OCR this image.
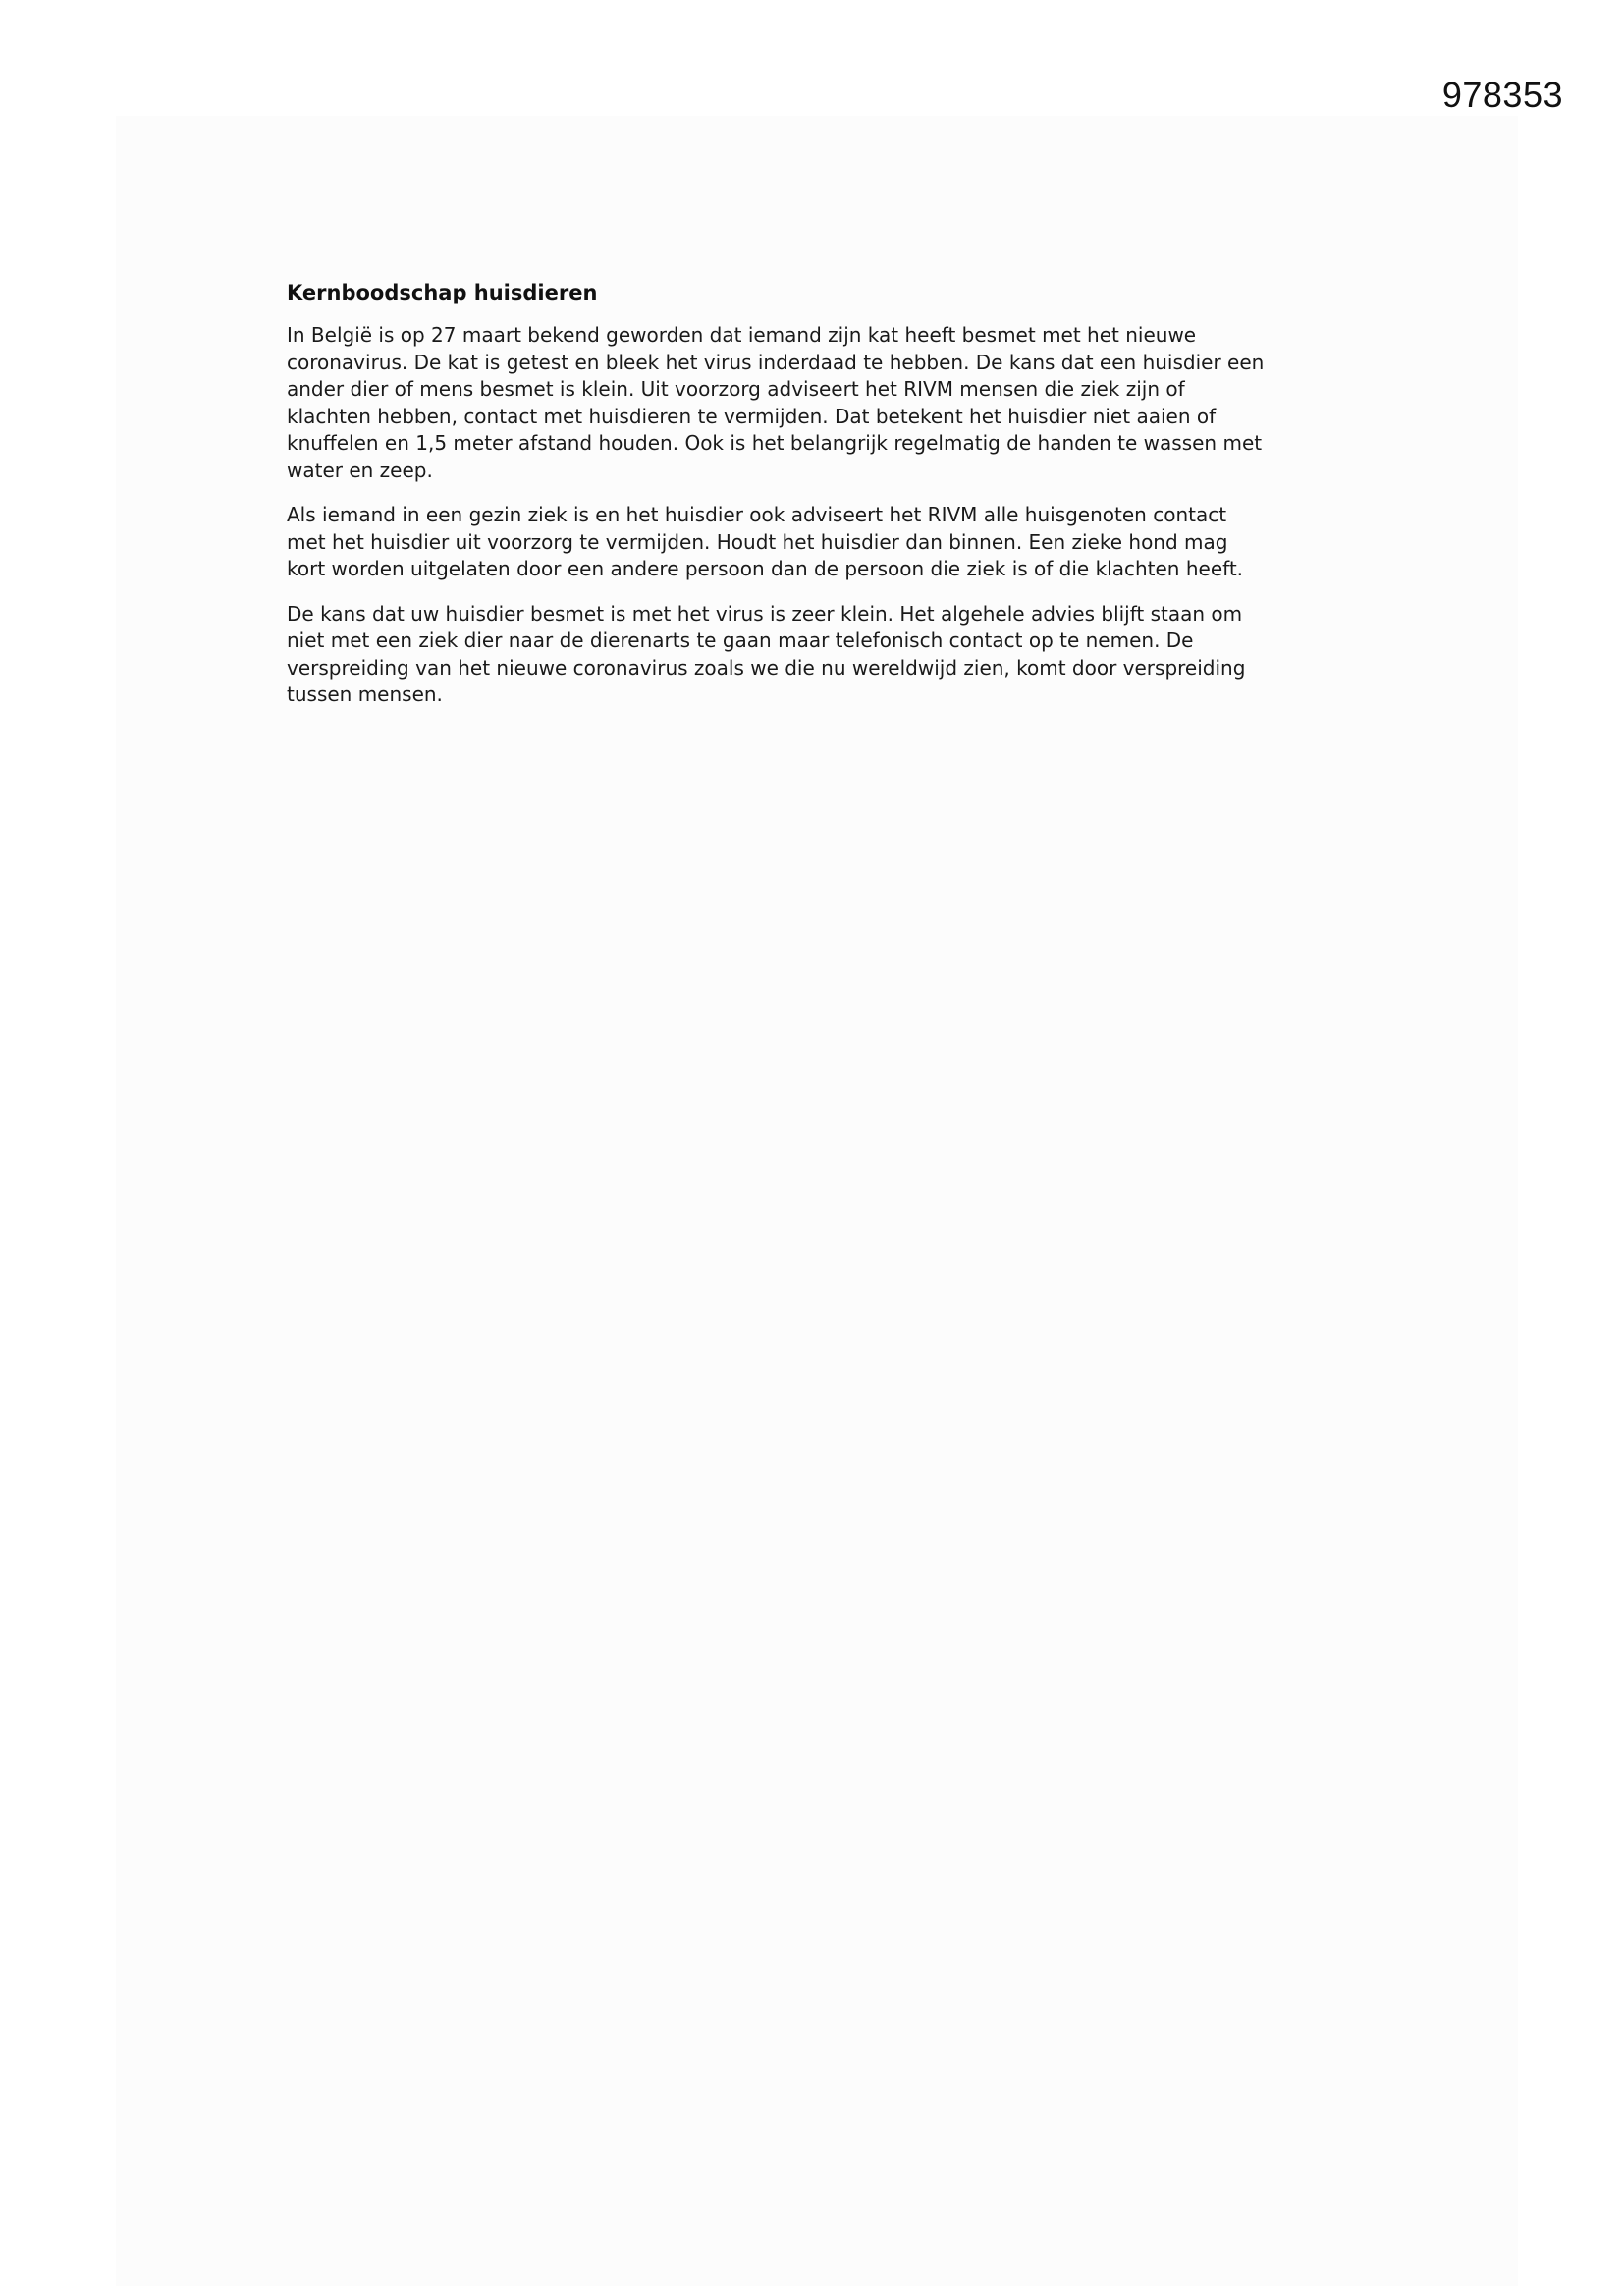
978353
Kernboodschap huisdieren
In België is op 27 maart bekend geworden dat iemand zijn kat heeft besmet met het nieuwe
coronavirus. De kat is getest en bleek het virus inderdaad te hebben. De kans dat een huisdier een
ander dier of mens besmet is klein. Uit voorzorg adviseert het RIVM mensen die ziek zijn of
klachten hebben, contact met huisdieren te vermijden. Dat betekent het huisdier niet aaien of
knuffelen en 1,5 meter afstand houden. Ook is het belangrijk regelmatig de handen te wassen met
water en zeep.
Als iemand in een gezin ziek is en het huisdier ook adviseert het RIVM alle huisgenoten contact
met het huisdier uit voorzorg te vermijden. Houdt het huisdier dan binnen. Een zieke hond mag
kort worden uitgelaten door een andere persoon dan de persoon die ziek is of die klachten heeft.
De kans dat uw huisdier besmet is met het virus is zeer klein. Het algehele advies blijft staan om
niet met een ziek dier naar de dierenarts te gaan maar telefonisch contact op te nemen. De
verspreiding van het nieuwe coronavirus zoals we die nu wereldwijd zien, komt door verspreiding
tussen mensen.
